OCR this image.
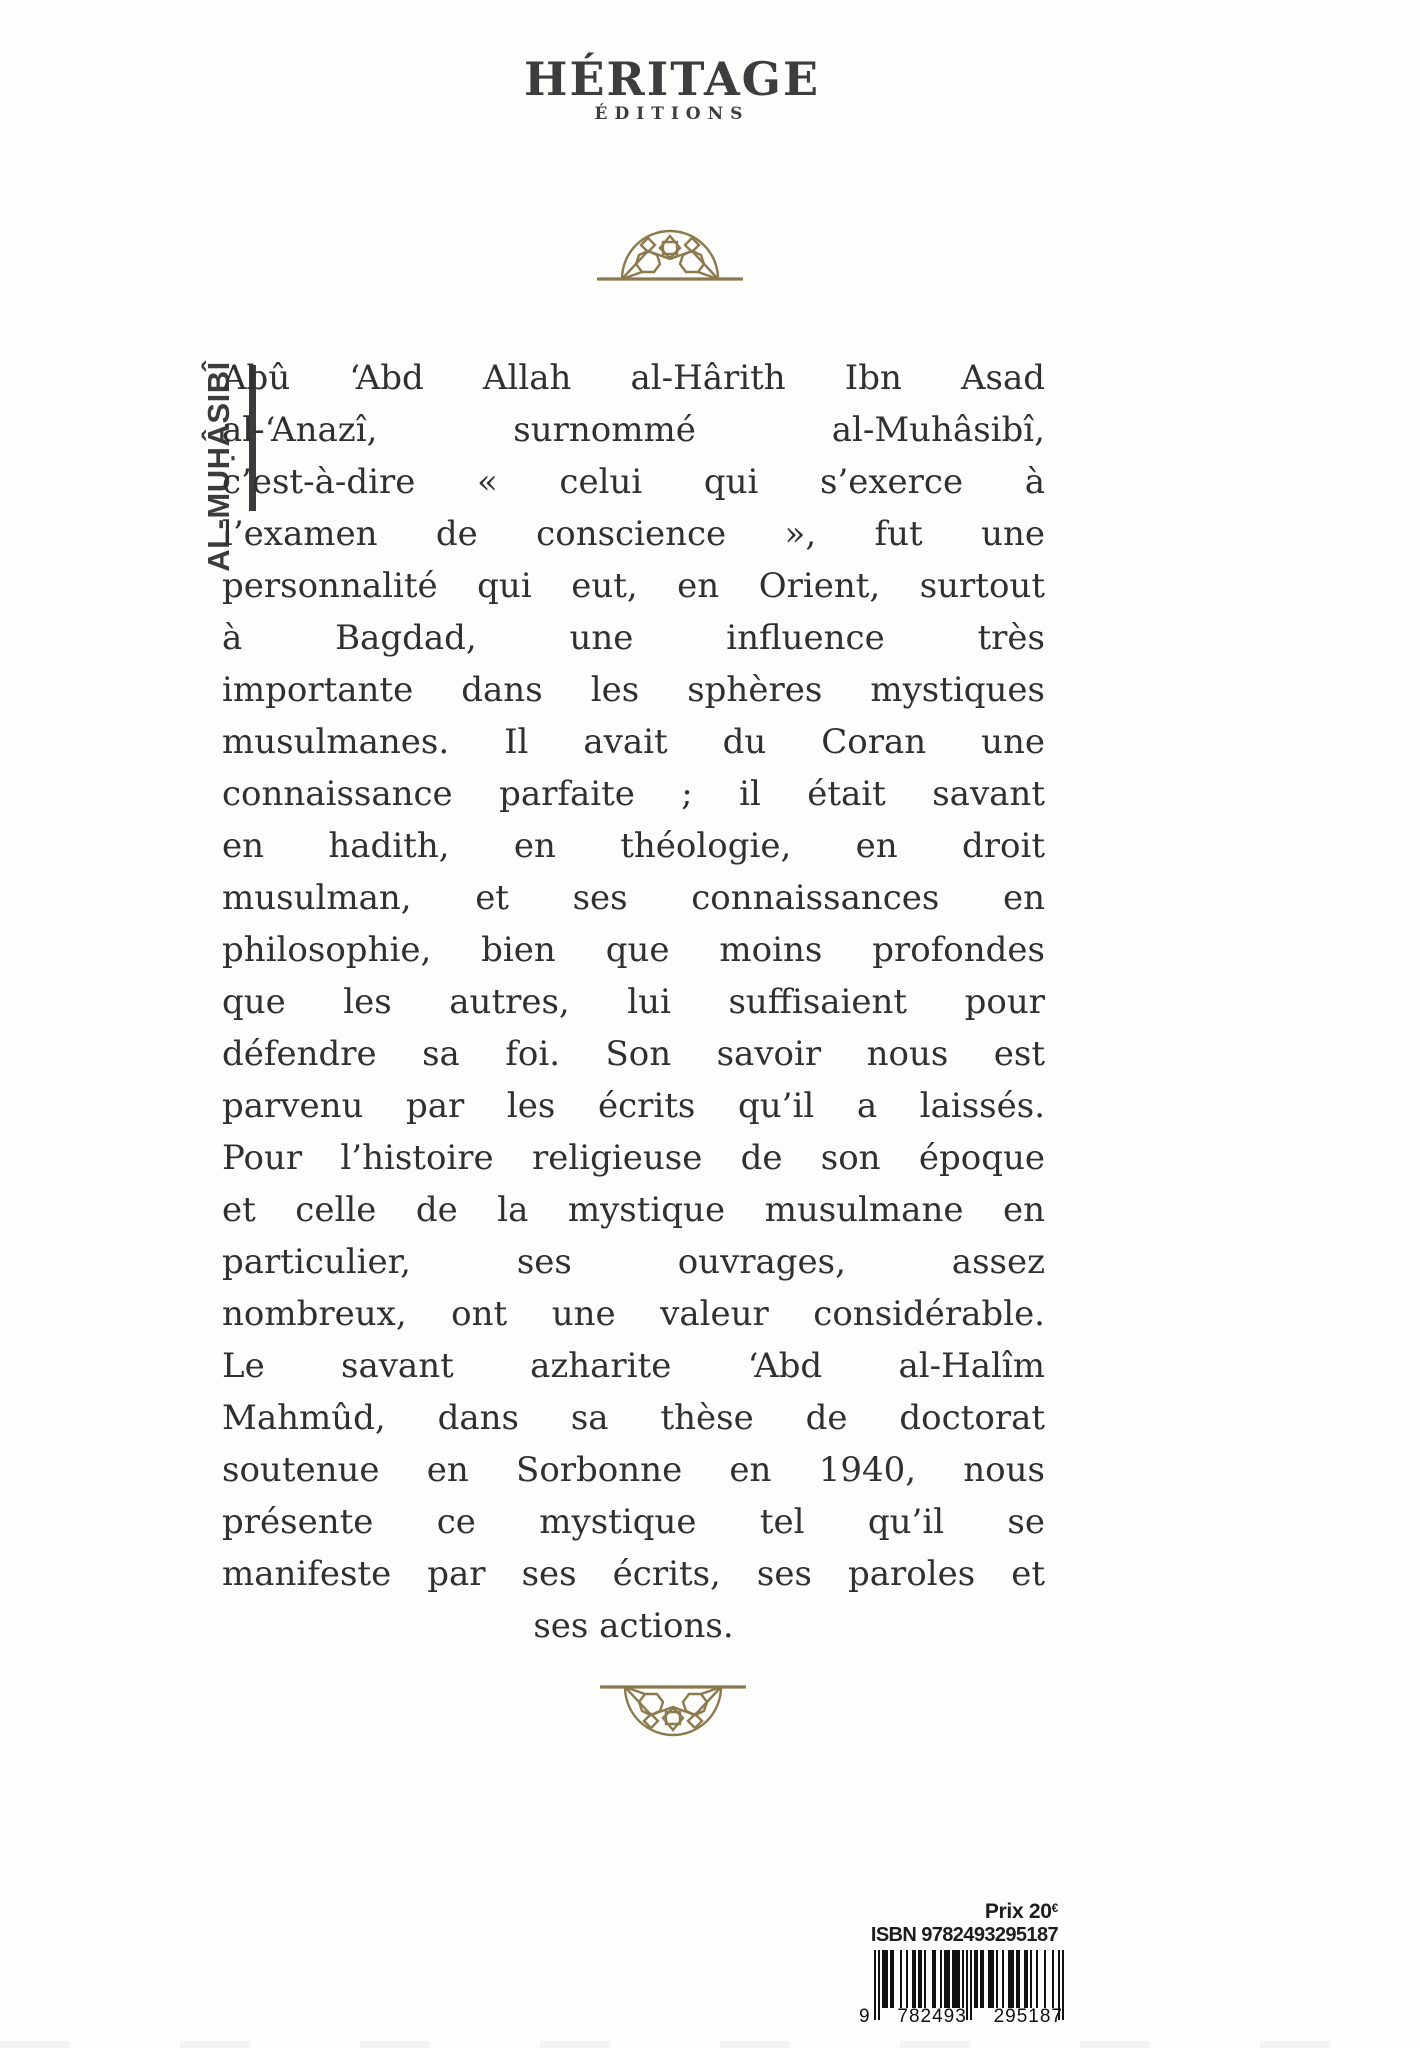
HÉRITAGE
ÉDITIONS
AL-MUḤÂSIBÎ
Abû ‘Abd Allah al-Hârith Ibn Asad
al-‘Anazî, surnommé al-Muhâsibî,
c’est-à-dire « celui qui s’exerce à
l’examen de conscience », fut une
personnalité qui eut, en Orient, surtout
à Bagdad, une influence très
importante dans les sphères mystiques
musulmanes. Il avait du Coran une
connaissance parfaite ; il était savant
en hadith, en théologie, en droit
musulman, et ses connaissances en
philosophie, bien que moins profondes
que les autres, lui suffisaient pour
défendre sa foi. Son savoir nous est
parvenu par les écrits qu’il a laissés.
Pour l’histoire religieuse de son époque
et celle de la mystique musulmane en
particulier, ses ouvrages, assez
nombreux, ont une valeur considérable.
Le savant azharite ‘Abd al-Halîm
Mahmûd, dans sa thèse de doctorat
soutenue en Sorbonne en 1940, nous
présente ce mystique tel qu’il se
manifeste par ses écrits, ses paroles et
ses actions.
Prix 20€
ISBN 9782493295187
9 782493 295187
